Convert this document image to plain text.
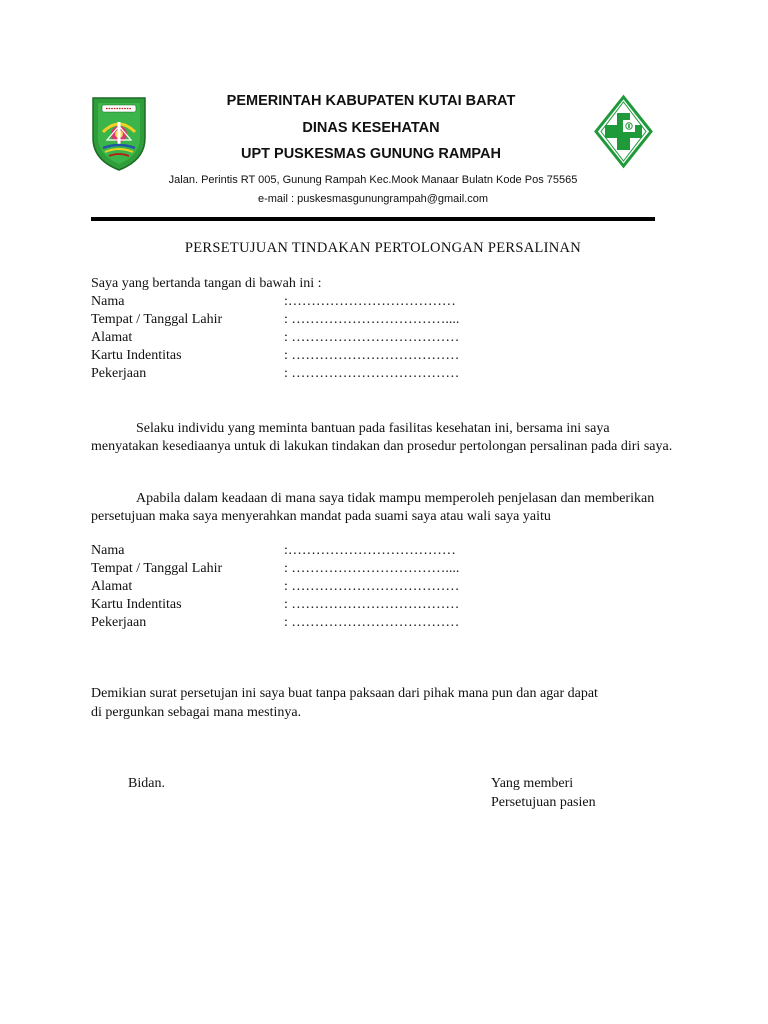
PEMERINTAH KABUPATEN KUTAI BARAT
DINAS KESEHATAN
UPT PUSKESMAS GUNUNG RAMPAH
Jalan. Perintis RT 005, Gunung Rampah Kec.Mook Manaar Bulatn Kode Pos 75565
e-mail : puskesmasgunungrampah@gmail.com
PERSETUJUAN TINDAKAN PERTOLONGAN PERSALINAN
Saya yang bertanda tangan di bawah ini :
Nama	:………………………………
Tempat / Tanggal Lahir	: ……………………………....
Alamat	: ………………………………
Kartu Indentitas	: ………………………………
Pekerjaan	: ………………………………
Selaku individu yang meminta bantuan pada fasilitas kesehatan ini, bersama ini saya menyatakan kesediaanya untuk di lakukan tindakan dan prosedur pertolongan persalinan pada diri saya.
Apabila dalam keadaan di mana saya tidak mampu memperoleh penjelasan dan memberikan persetujuan maka saya menyerahkan mandat pada suami saya atau wali saya yaitu
Nama	:………………………………
Tempat / Tanggal Lahir	: ……………………………....
Alamat	: ………………………………
Kartu Indentitas	: ………………………………
Pekerjaan	: ………………………………
Demikian surat persetujan ini saya buat tanpa paksaan dari pihak mana pun dan agar dapat
di pergunkan sebagai mana mestinya.
Bidan.	Yang memberi
Persetujuan pasien
